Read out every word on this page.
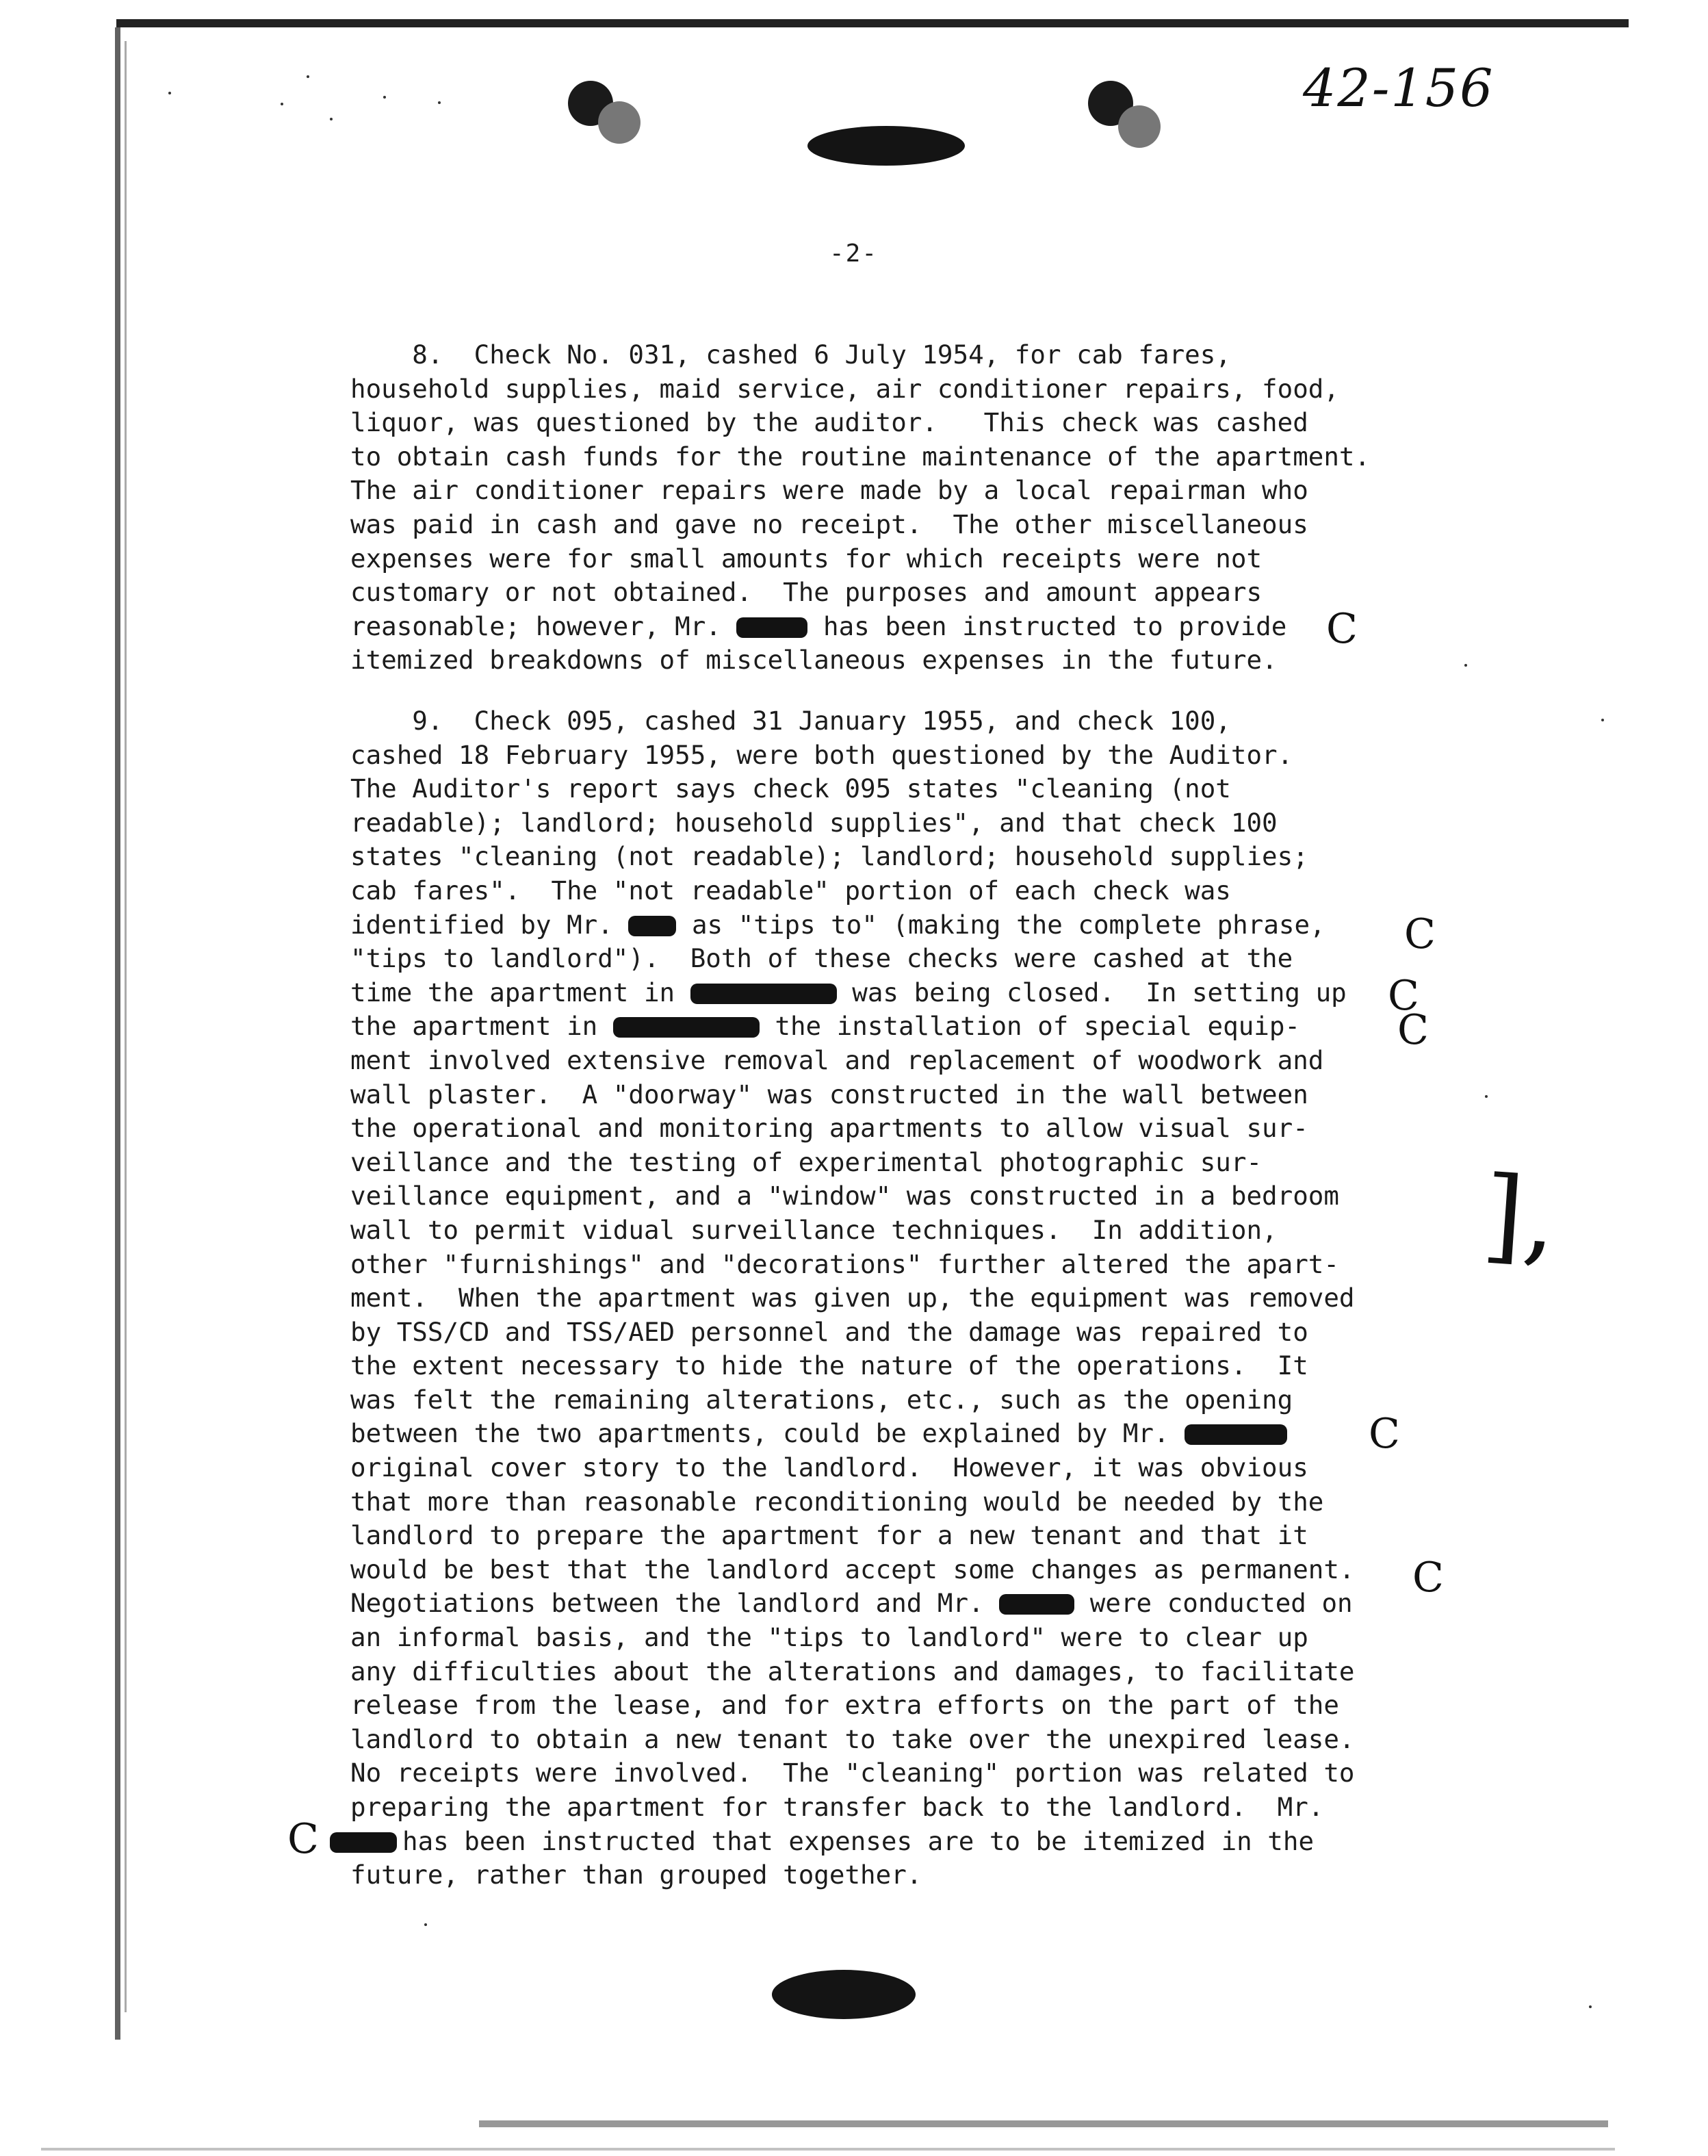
42-156
-2-
8.  Check No. 031, cashed 6 July 1954, for cab fares,
household supplies, maid service, air conditioner repairs, food,
liquor, was questioned by the auditor.   This check was cashed
to obtain cash funds for the routine maintenance of the apartment.
The air conditioner repairs were made by a local repairman who
was paid in cash and gave no receipt.  The other miscellaneous
expenses were for small amounts for which receipts were not
customary or not obtained.  The purposes and amount appears
reasonable; however, Mr.	has been instructed to provide
itemized breakdowns of miscellaneous expenses in the future.
9.  Check 095, cashed 31 January 1955, and check 100,
cashed 18 February 1955, were both questioned by the Auditor.
The Auditor's report says check 095 states "cleaning (not
readable); landlord; household supplies", and that check 100
states "cleaning (not readable); landlord; household supplies;
cab fares".  The "not readable" portion of each check was
identified by Mr.  as "tips to" (making the complete phrase,
"tips to landlord").  Both of these checks were cashed at the
time the apartment in	was being closed.  In setting up
the apartment in	the installation of special equip-
ment involved extensive removal and replacement of woodwork and
wall plaster.  A "doorway" was constructed in the wall between
the operational and monitoring apartments to allow visual sur-
veillance and the testing of experimental photographic sur-
veillance equipment, and a "window" was constructed in a bedroom
wall to permit vidual surveillance techniques.  In addition,
other "furnishings" and "decorations" further altered the apart-
ment.  When the apartment was given up, the equipment was removed
by TSS/CD and TSS/AED personnel and the damage was repaired to
the extent necessary to hide the nature of the operations.  It
was felt the remaining alterations, etc., such as the opening
between the two apartments, could be explained by Mr.
original cover story to the landlord.  However, it was obvious
that more than reasonable reconditioning would be needed by the
landlord to prepare the apartment for a new tenant and that it
would be best that the landlord accept some changes as permanent.
Negotiations between the landlord and Mr.	were conducted on
an informal basis, and the "tips to landlord" were to clear up
any difficulties about the alterations and damages, to facilitate
release from the lease, and for extra efforts on the part of the
landlord to obtain a new tenant to take over the unexpired lease.
No receipts were involved.  The "cleaning" portion was related to
preparing the apartment for transfer back to the landlord.  Mr.
has been instructed that expenses are to be itemized in the
future, rather than grouped together.
C
C
C
C
C
C
C
],
